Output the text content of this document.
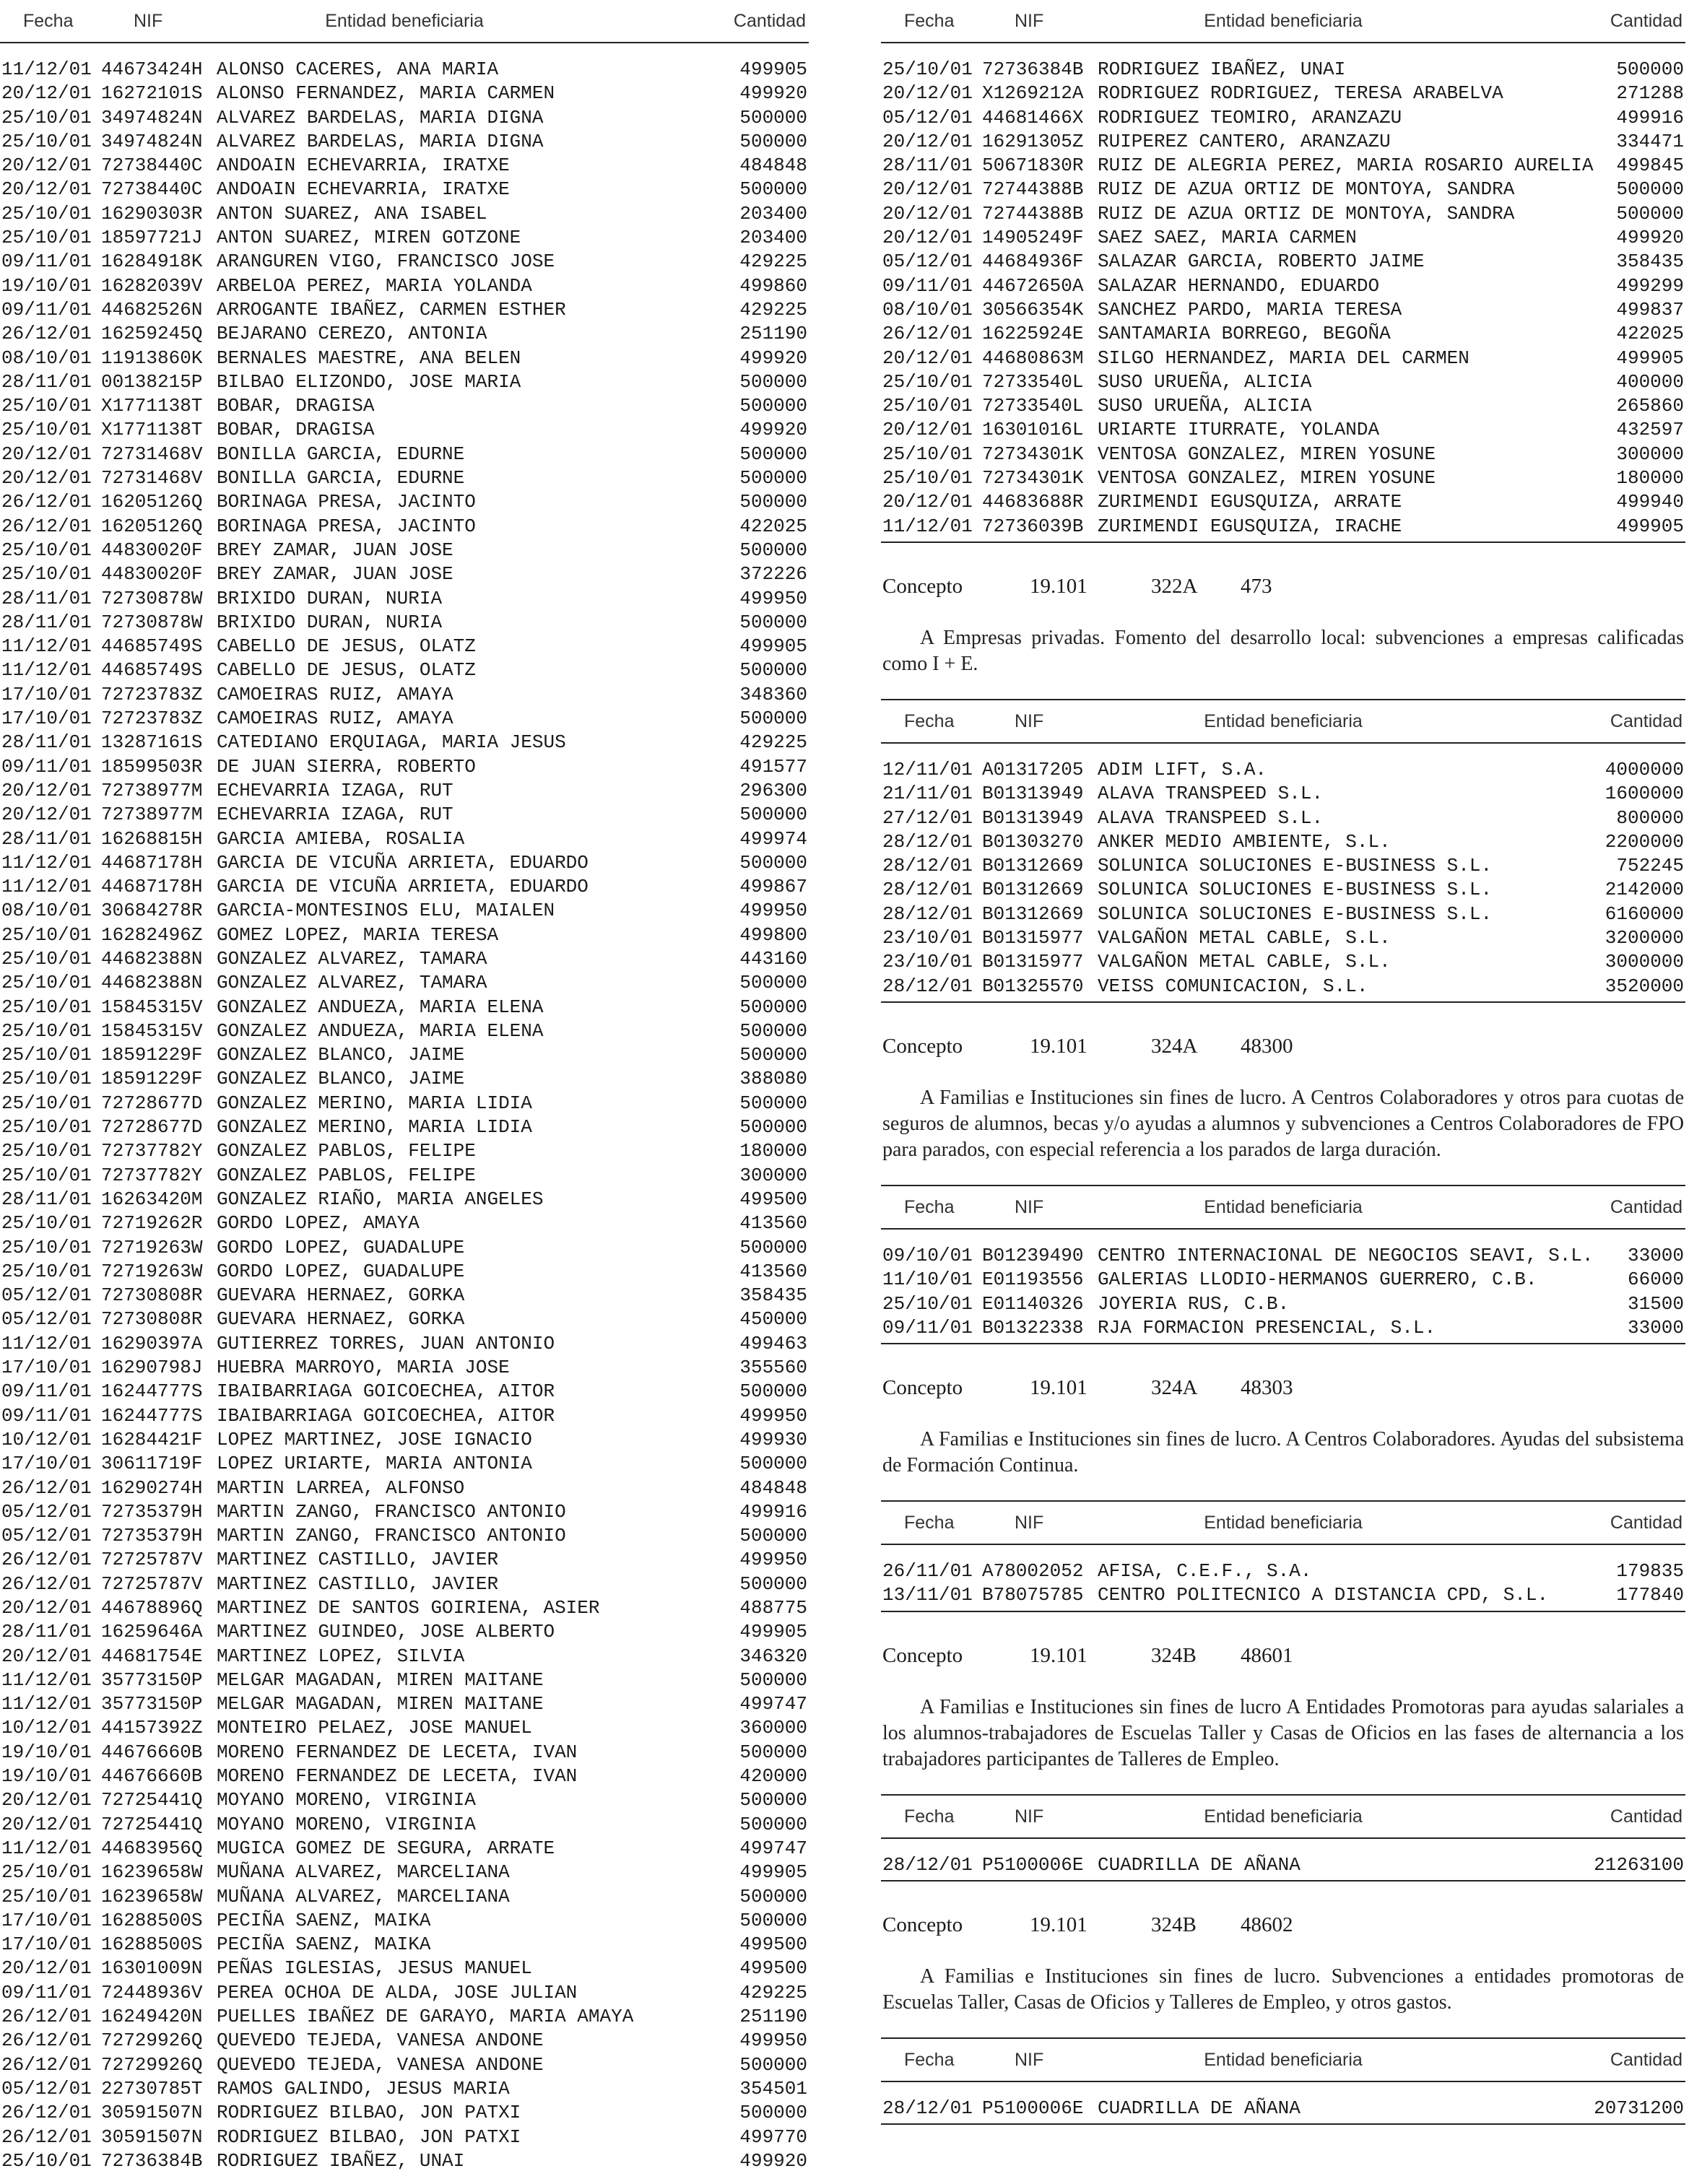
Fecha	NIF	Entidad beneficiaria	Cantidad
11/12/01 44673424H ALONSO CACERES, ANA MARIA	499905
20/12/01 16272101S ALONSO FERNANDEZ, MARIA CARMEN	499920
25/10/01 34974824N ALVAREZ BARDELAS, MARIA DIGNA	500000
25/10/01 34974824N ALVAREZ BARDELAS, MARIA DIGNA	500000
20/12/01 72738440C ANDOAIN ECHEVARRIA, IRATXE	484848
20/12/01 72738440C ANDOAIN ECHEVARRIA, IRATXE	500000
25/10/01 16290303R ANTON SUAREZ, ANA ISABEL	203400
25/10/01 18597721J ANTON SUAREZ, MIREN GOTZONE	203400
09/11/01 16284918K ARANGUREN VIGO, FRANCISCO JOSE	429225
19/10/01 16282039V ARBELOA PEREZ, MARIA YOLANDA	499860
09/11/01 44682526N ARROGANTE IBAÑEZ, CARMEN ESTHER	429225
26/12/01 16259245Q BEJARANO CEREZO, ANTONIA	251190
08/10/01 11913860K BERNALES MAESTRE, ANA BELEN	499920
28/11/01 00138215P BILBAO ELIZONDO, JOSE MARIA	500000
25/10/01 X1771138T BOBAR, DRAGISA	500000
25/10/01 X1771138T BOBAR, DRAGISA	499920
20/12/01 72731468V BONILLA GARCIA, EDURNE	500000
20/12/01 72731468V BONILLA GARCIA, EDURNE	500000
26/12/01 16205126Q BORINAGA PRESA, JACINTO	500000
26/12/01 16205126Q BORINAGA PRESA, JACINTO	422025
25/10/01 44830020F BREY ZAMAR, JUAN JOSE	500000
25/10/01 44830020F BREY ZAMAR, JUAN JOSE	372226
28/11/01 72730878W BRIXIDO DURAN, NURIA	499950
28/11/01 72730878W BRIXIDO DURAN, NURIA	500000
11/12/01 44685749S CABELLO DE JESUS, OLATZ	499905
11/12/01 44685749S CABELLO DE JESUS, OLATZ	500000
17/10/01 72723783Z CAMOEIRAS RUIZ, AMAYA	348360
17/10/01 72723783Z CAMOEIRAS RUIZ, AMAYA	500000
28/11/01 13287161S CATEDIANO ERQUIAGA, MARIA JESUS	429225
09/11/01 18599503R DE JUAN SIERRA, ROBERTO	491577
20/12/01 72738977M ECHEVARRIA IZAGA, RUT	296300
20/12/01 72738977M ECHEVARRIA IZAGA, RUT	500000
28/11/01 16268815H GARCIA AMIEBA, ROSALIA	499974
11/12/01 44687178H GARCIA DE VICUÑA ARRIETA, EDUARDO	500000
11/12/01 44687178H GARCIA DE VICUÑA ARRIETA, EDUARDO	499867
08/10/01 30684278R GARCIA-MONTESINOS ELU, MAIALEN	499950
25/10/01 16282496Z GOMEZ LOPEZ, MARIA TERESA	499800
25/10/01 44682388N GONZALEZ ALVAREZ, TAMARA	443160
25/10/01 44682388N GONZALEZ ALVAREZ, TAMARA	500000
25/10/01 15845315V GONZALEZ ANDUEZA, MARIA ELENA	500000
25/10/01 15845315V GONZALEZ ANDUEZA, MARIA ELENA	500000
25/10/01 18591229F GONZALEZ BLANCO, JAIME	500000
25/10/01 18591229F GONZALEZ BLANCO, JAIME	388080
25/10/01 72728677D GONZALEZ MERINO, MARIA LIDIA	500000
25/10/01 72728677D GONZALEZ MERINO, MARIA LIDIA	500000
25/10/01 72737782Y GONZALEZ PABLOS, FELIPE	180000
25/10/01 72737782Y GONZALEZ PABLOS, FELIPE	300000
28/11/01 16263420M GONZALEZ RIAÑO, MARIA ANGELES	499500
25/10/01 72719262R GORDO LOPEZ, AMAYA	413560
25/10/01 72719263W GORDO LOPEZ, GUADALUPE	500000
25/10/01 72719263W GORDO LOPEZ, GUADALUPE	413560
05/12/01 72730808R GUEVARA HERNAEZ, GORKA	358435
05/12/01 72730808R GUEVARA HERNAEZ, GORKA	450000
11/12/01 16290397A GUTIERREZ TORRES, JUAN ANTONIO	499463
17/10/01 16290798J HUEBRA MARROYO, MARIA JOSE	355560
09/11/01 16244777S IBAIBARRIAGA GOICOECHEA, AITOR	500000
09/11/01 16244777S IBAIBARRIAGA GOICOECHEA, AITOR	499950
10/12/01 16284421F LOPEZ MARTINEZ, JOSE IGNACIO	499930
17/10/01 30611719F LOPEZ URIARTE, MARIA ANTONIA	500000
26/12/01 16290274H MARTIN LARREA, ALFONSO	484848
05/12/01 72735379H MARTIN ZANGO, FRANCISCO ANTONIO	499916
05/12/01 72735379H MARTIN ZANGO, FRANCISCO ANTONIO	500000
26/12/01 72725787V MARTINEZ CASTILLO, JAVIER	499950
26/12/01 72725787V MARTINEZ CASTILLO, JAVIER	500000
20/12/01 44678896Q MARTINEZ DE SANTOS GOIRIENA, ASIER	488775
28/11/01 16259646A MARTINEZ GUINDEO, JOSE ALBERTO	499905
20/12/01 44681754E MARTINEZ LOPEZ, SILVIA	346320
11/12/01 35773150P MELGAR MAGADAN, MIREN MAITANE	500000
11/12/01 35773150P MELGAR MAGADAN, MIREN MAITANE	499747
10/12/01 44157392Z MONTEIRO PELAEZ, JOSE MANUEL	360000
19/10/01 44676660B MORENO FERNANDEZ DE LECETA, IVAN	500000
19/10/01 44676660B MORENO FERNANDEZ DE LECETA, IVAN	420000
20/12/01 72725441Q MOYANO MORENO, VIRGINIA	500000
20/12/01 72725441Q MOYANO MORENO, VIRGINIA	500000
11/12/01 44683956Q MUGICA GOMEZ DE SEGURA, ARRATE	499747
25/10/01 16239658W MUÑANA ALVAREZ, MARCELIANA	499905
25/10/01 16239658W MUÑANA ALVAREZ, MARCELIANA	500000
17/10/01 16288500S PECIÑA SAENZ, MAIKA	500000
17/10/01 16288500S PECIÑA SAENZ, MAIKA	499500
20/12/01 16301009N PEÑAS IGLESIAS, JESUS MANUEL	499500
09/11/01 72448936V PEREA OCHOA DE ALDA, JOSE JULIAN	429225
26/12/01 16249420N PUELLES IBAÑEZ DE GARAYO, MARIA AMAYA	251190
26/12/01 72729926Q QUEVEDO TEJEDA, VANESA ANDONE	499950
26/12/01 72729926Q QUEVEDO TEJEDA, VANESA ANDONE	500000
05/12/01 22730785T RAMOS GALINDO, JESUS MARIA	354501
26/12/01 30591507N RODRIGUEZ BILBAO, JON PATXI	500000
26/12/01 30591507N RODRIGUEZ BILBAO, JON PATXI	499770
25/10/01 72736384B RODRIGUEZ IBAÑEZ, UNAI	499920
Fecha	NIF	Entidad beneficiaria	Cantidad
25/10/01 72736384B RODRIGUEZ IBAÑEZ, UNAI	500000
20/12/01 X1269212A RODRIGUEZ RODRIGUEZ, TERESA ARABELVA	271288
05/12/01 44681466X RODRIGUEZ TEOMIRO, ARANZAZU	499916
20/12/01 16291305Z RUIPEREZ CANTERO, ARANZAZU	334471
28/11/01 50671830R RUIZ DE ALEGRIA PEREZ, MARIA ROSARIO AURELIA 499845
20/12/01 72744388B RUIZ DE AZUA ORTIZ DE MONTOYA, SANDRA	500000
20/12/01 72744388B RUIZ DE AZUA ORTIZ DE MONTOYA, SANDRA	500000
20/12/01 14905249F SAEZ SAEZ, MARIA CARMEN	499920
05/12/01 44684936F SALAZAR GARCIA, ROBERTO JAIME	358435
09/11/01 44672650A SALAZAR HERNANDO, EDUARDO	499299
08/10/01 30566354K SANCHEZ PARDO, MARIA TERESA	499837
26/12/01 16225924E SANTAMARIA BORREGO, BEGOÑA	422025
20/12/01 44680863M SILGO HERNANDEZ, MARIA DEL CARMEN	499905
25/10/01 72733540L SUSO URUEÑA, ALICIA	400000
25/10/01 72733540L SUSO URUEÑA, ALICIA	265860
20/12/01 16301016L URIARTE ITURRATE, YOLANDA	432597
25/10/01 72734301K VENTOSA GONZALEZ, MIREN YOSUNE	300000
25/10/01 72734301K VENTOSA GONZALEZ, MIREN YOSUNE	180000
20/12/01 44683688R ZURIMENDI EGUSQUIZA, ARRATE	499940
11/12/01 72736039B ZURIMENDI EGUSQUIZA, IRACHE	499905
Concepto	19.101	322A 473

A Empresas privadas. Fomento del desarrollo local: subvenciones a empresas calificadas como I + E.

Fecha	NIF	Entidad beneficiaria	Cantidad
12/11/01 A01317205 ADIM LIFT, S.A.	4000000
21/11/01 B01313949 ALAVA TRANSPEED S.L.	1600000
27/12/01 B01313949 ALAVA TRANSPEED S.L.	800000
28/12/01 B01303270 ANKER MEDIO AMBIENTE, S.L.	2200000
28/12/01 B01312669 SOLUNICA SOLUCIONES E-BUSINESS S.L.	752245
28/12/01 B01312669 SOLUNICA SOLUCIONES E-BUSINESS S.L.	2142000
28/12/01 B01312669 SOLUNICA SOLUCIONES E-BUSINESS S.L.	6160000
23/10/01 B01315977 VALGAÑON METAL CABLE, S.L.	3200000
23/10/01 B01315977 VALGAÑON METAL CABLE, S.L.	3000000
28/12/01 B01325570 VEISS COMUNICACION, S.L.	3520000
Concepto	19.101	324A 48300

A Familias e Instituciones sin fines de lucro. A Centros Colaboradores y otros para cuotas de seguros de alumnos, becas y/o ayudas a alumnos y subvenciones a Centros Colaboradores de FPO para parados, con especial referencia a los parados de larga duración.

Fecha	NIF	Entidad beneficiaria	Cantidad
09/10/01 B01239490 CENTRO INTERNACIONAL DE NEGOCIOS SEAVI, S.L. 33000
11/10/01 E01193556 GALERIAS LLODIO-HERMANOS GUERRERO, C.B.	66000
25/10/01 E01140326 JOYERIA RUS, C.B.	31500
09/11/01 B01322338 RJA FORMACION PRESENCIAL, S.L.	33000
Concepto	19.101	324A 48303

A Familias e Instituciones sin fines de lucro. A Centros Colaboradores. Ayudas del subsistema de Formación Continua.

Fecha	NIF	Entidad beneficiaria	Cantidad
26/11/01 A78002052 AFISA, C.E.F., S.A.	179835
13/11/01 B78075785 CENTRO POLITECNICO A DISTANCIA CPD, S.L.	177840
Concepto	19.101	324B 48601

A Familias e Instituciones sin fines de lucro A Entidades Promotoras para ayudas salariales a los alumnos-trabajadores de Escuelas Taller y Casas de Oficios en las fases de alternancia a los trabajadores participantes de Talleres de Empleo.

Fecha	NIF	Entidad beneficiaria	Cantidad
28/12/01 P5100006E CUADRILLA DE AÑANA	21263100
Concepto	19.101	324B 48602

A Familias e Instituciones sin fines de lucro. Subvenciones a entidades promotoras de Escuelas Taller, Casas de Oficios y Talleres de Empleo, y otros gastos.

Fecha	NIF	Entidad beneficiaria	Cantidad
28/12/01 P5100006E CUADRILLA DE AÑANA	20731200
